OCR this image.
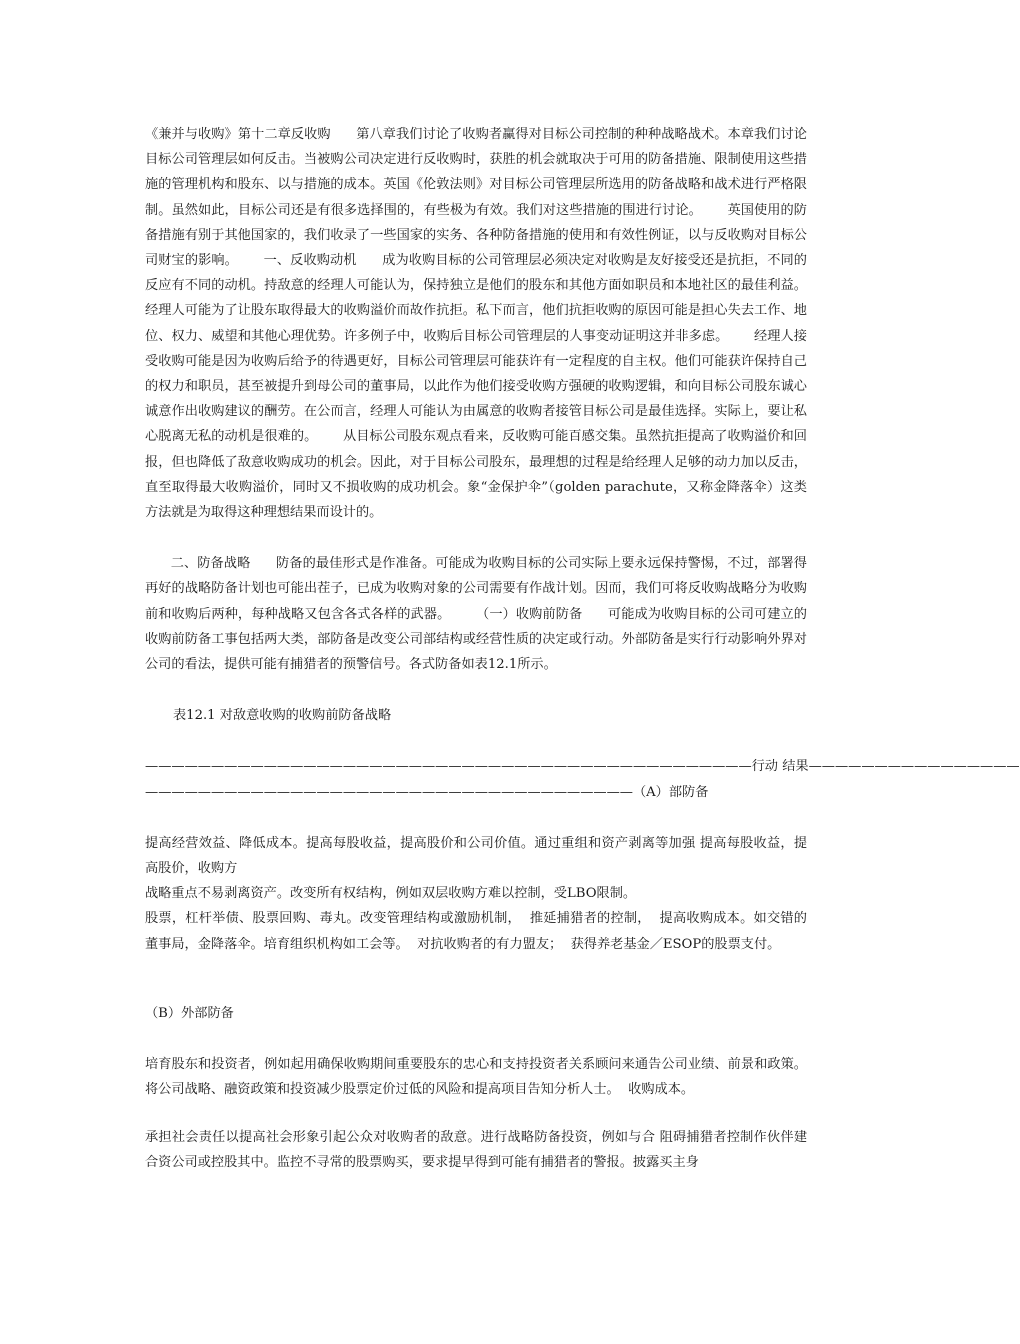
《兼并与收购》第十二章反收购      第八章我们讨论了收购者赢得对目标公司控制的种种战略战术。本章我们讨论目标公司管理层如何反击。当被购公司决定进行反收购时，获胜的机会就取决于可用的防备措施、限制使用这些措施的管理机构和股东、以与措施的成本。英国《伦敦法则》对目标公司管理层所选用的防备战略和战术进行严格限制。虽然如此，目标公司还是有很多选择围的，有些极为有效。我们对这些措施的围进行讨论。      英国使用的防备措施有别于其他国家的，我们收录了一些国家的实务、各种防备措施的使用和有效性例证，以与反收购对目标公司财宝的影响。      一、反收购动机      成为收购目标的公司管理层必须决定对收购是友好接受还是抗拒，不同的反应有不同的动机。持敌意的经理人可能认为，保持独立是他们的股东和其他方面如职员和本地社区的最佳利益。经理人可能为了让股东取得最大的收购溢价而故作抗拒。私下而言，他们抗拒收购的原因可能是担心失去工作、地位、权力、威望和其他心理优势。许多例子中，收购后目标公司管理层的人事变动证明这并非多虑。      经理人接受收购可能是因为收购后给予的待遇更好，目标公司管理层可能获许有一定程度的自主权。他们可能获许保持自己的权力和职员，甚至被提升到母公司的董事局，以此作为他们接受收购方强硬的收购逻辑，和向目标公司股东诚心诚意作出收购建议的酬劳。在公而言，经理人可能认为由属意的收购者接管目标公司是最佳选择。实际上，要让私心脱离无私的动机是很难的。      从目标公司股东观点看来，反收购可能百感交集。虽然抗拒提高了收购溢价和回报，但也降低了敌意收购成功的机会。因此，对于目标公司股东，最理想的过程是给经理人足够的动力加以反击，直至取得最大收购溢价，同时又不损收购的成功机会。象“金保护伞”（golden parachute，又称金降落伞）这类方法就是为取得这种理想结果而设计的。

二、防备战略      防备的最佳形式是作准备。可能成为收购目标的公司实际上要永远保持警惕，不过，部署得再好的战略防备计划也可能出茬子，已成为收购对象的公司需要有作战计划。因而，我们可将反收购战略分为收购前和收购后两种，每种战略又包含各式各样的武器。      （一）收购前防备      可能成为收购目标的公司可建立的收购前防备工事包括两大类，部防备是改变公司部结构或经营性质的决定或行动。外部防备是实行行动影响外界对公司的看法，提供可能有捕猎者的预警信号。各式防备如表12.1所示。

表12.1 对敌意收购的收购前防备战略

——————————————————————————————————————————————行动 结果————————————————

—————————————————————————————————————（A）部防备

提高经营效益、降低成本。提高每股收益，提高股价和公司价值。通过重组和资产剥离等加强 提高每股收益，提高股价，收购方

战略重点不易剥离资产。改变所有权结构，例如双层收购方难以控制，受LBO限制。

股票，杠杆举债、股票回购、毒丸。改变管理结构或激励机制，  推延捕猎者的控制，  提高收购成本。如交错的董事局，金降落伞。培育组织机构如工会等。  对抗收购者的有力盟友；  获得养老基金／ESOP的股票支付。

（B）外部防备

培育股东和投资者，例如起用确保收购期间重要股东的忠心和支持投资者关系顾问来通告公司业绩、前景和政策。将公司战略、融资政策和投资减少股票定价过低的风险和提高项目告知分析人士。  收购成本。

承担社会责任以提高社会形象引起公众对收购者的敌意。进行战略防备投资，例如与合 阻碍捕猎者控制作伙伴建合资公司或控股其中。监控不寻常的股票购买，要求提早得到可能有捕猎者的警报。披露买主身
